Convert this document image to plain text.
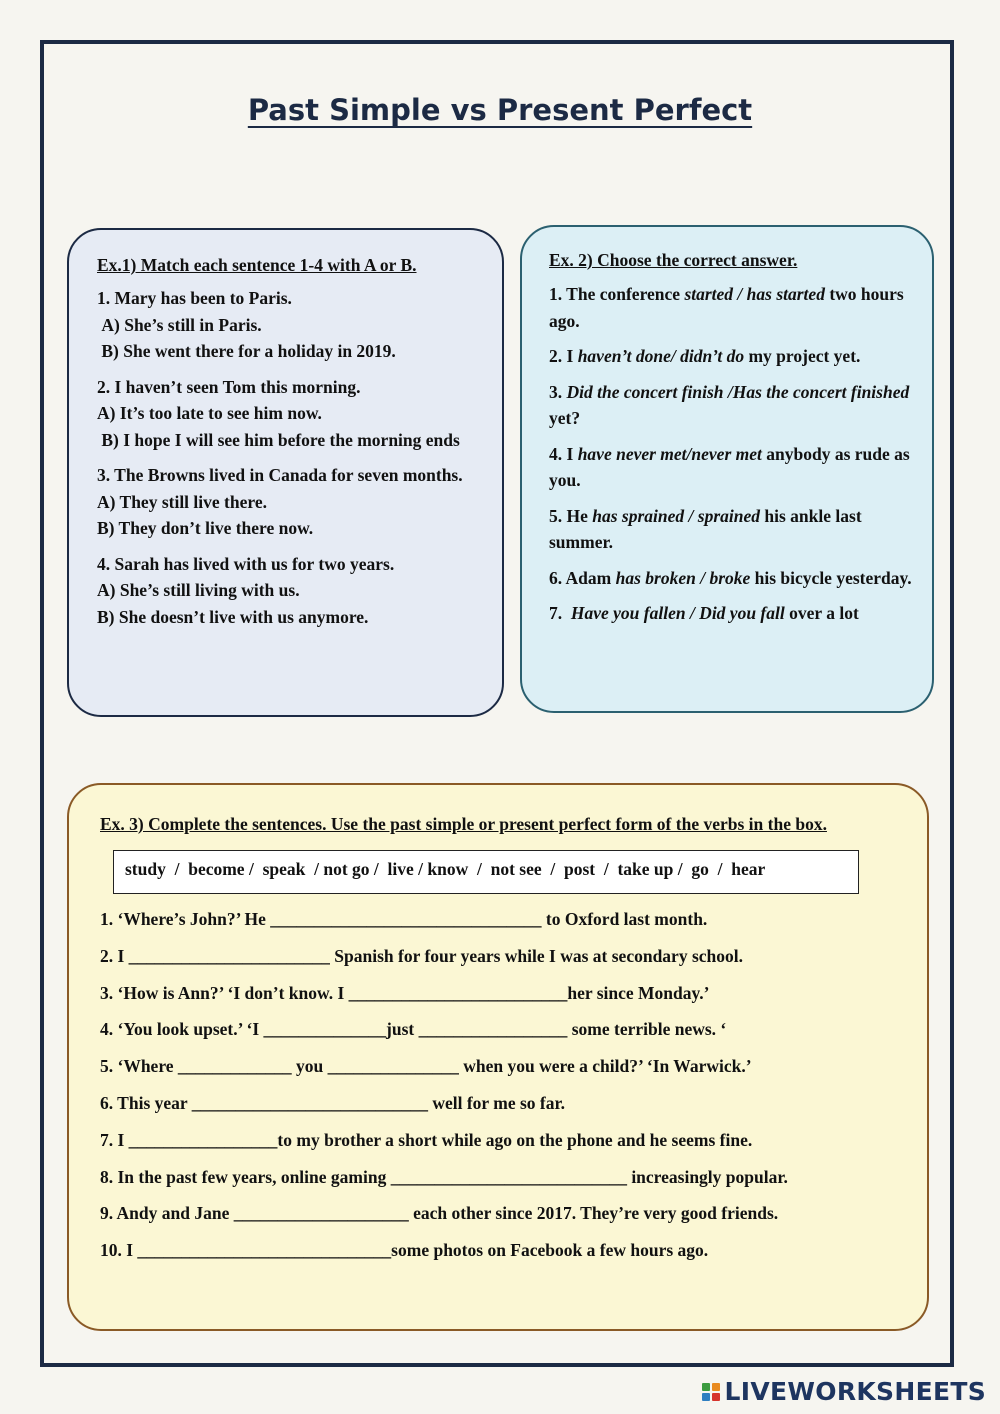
Past Simple vs Present Perfect
Ex.1) Match each sentence 1-4 with A or B.
1. Mary has been to Paris.
A) She’s still in Paris.
B) She went there for a holiday in 2019.
2. I haven’t seen Tom this morning.
A) It’s too late to see him now.
B) I hope I will see him before the morning ends
3. The Browns lived in Canada for seven months.
A) They still live there.
B) They don’t live there now.
4. Sarah has lived with us for two years.
A) She’s still living with us.
B) She doesn’t live with us anymore.
Ex. 2) Choose the correct answer.
1. The conference started / has started two hours ago.
2. I haven’t done/ didn’t do my project yet.
3. Did the concert finish /Has the concert finished yet?
4. I have never met/never met anybody as rude as you.
5. He has sprained / sprained his ankle last summer.
6. Adam has broken / broke his bicycle yesterday.
7.  Have you fallen / Did you fall over a lot
Ex. 3) Complete the sentences. Use the past simple or present perfect form of the verbs in the box.
study  /  become /  speak  / not go /  live / know  /  not see  /  post  /  take up /  go  /  hear
1. ‘Where’s John?’ He _______________________________ to Oxford last month.
2. I _______________________ Spanish for four years while I was at secondary school.
3. ‘How is Ann?’ ‘I don’t know. I _________________________her since Monday.’
4. ‘You look upset.’ ‘I ______________just _________________ some terrible news. ‘
5. ‘Where _____________ you _______________ when you were a child?’ ‘In Warwick.’
6. This year ___________________________ well for me so far.
7. I _________________to my brother a short while ago on the phone and he seems fine.
8. In the past few years, online gaming ___________________________ increasingly popular.
9. Andy and Jane ____________________ each other since 2017. They’re very good friends.
10. I _____________________________some photos on Facebook a few hours ago.
LIVEWORKSHEETS
